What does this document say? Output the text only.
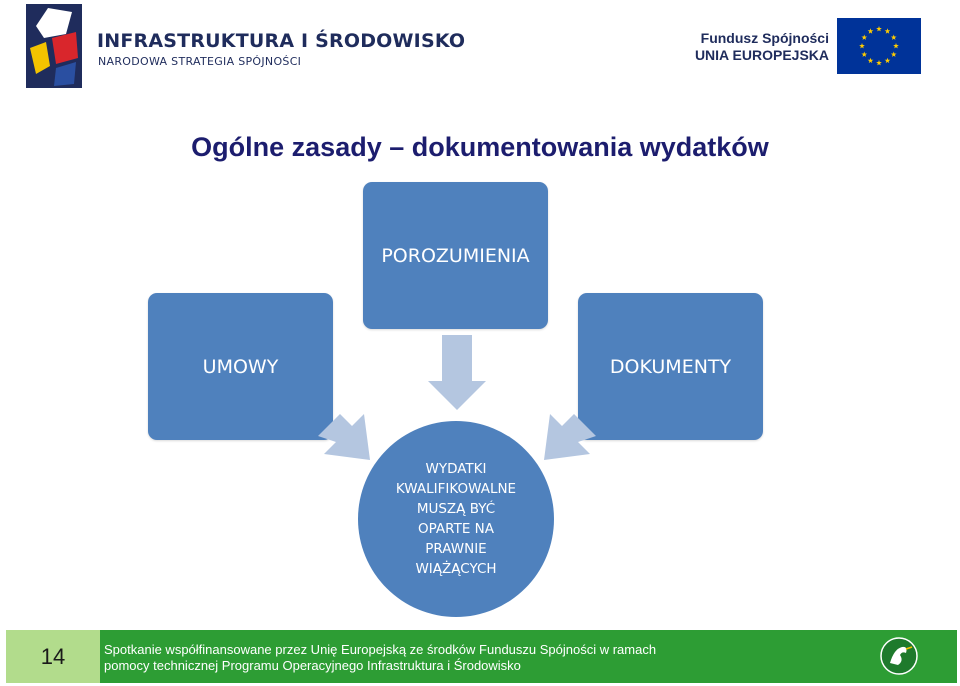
INFRASTRUKTURA I ŚRODOWISKO
NARODOWA STRATEGIA SPÓJNOŚCI
Fundusz Spójności
UNIA EUROPEJSKA
Ogólne zasady – dokumentowania wydatków
POROZUMIENIA
UMOWY	DOKUMENTY
WYDATKI
KWALIFIKOWALNE
MUSZĄ BYĆ
OPARTE NA
PRAWNIE
WIĄŻĄCYCH
14	Spotkanie współfinansowane przez Unię Europejską ze środków Funduszu Spójności w ramach
pomocy technicznej Programu Operacyjnego Infrastruktura i Środowisko
